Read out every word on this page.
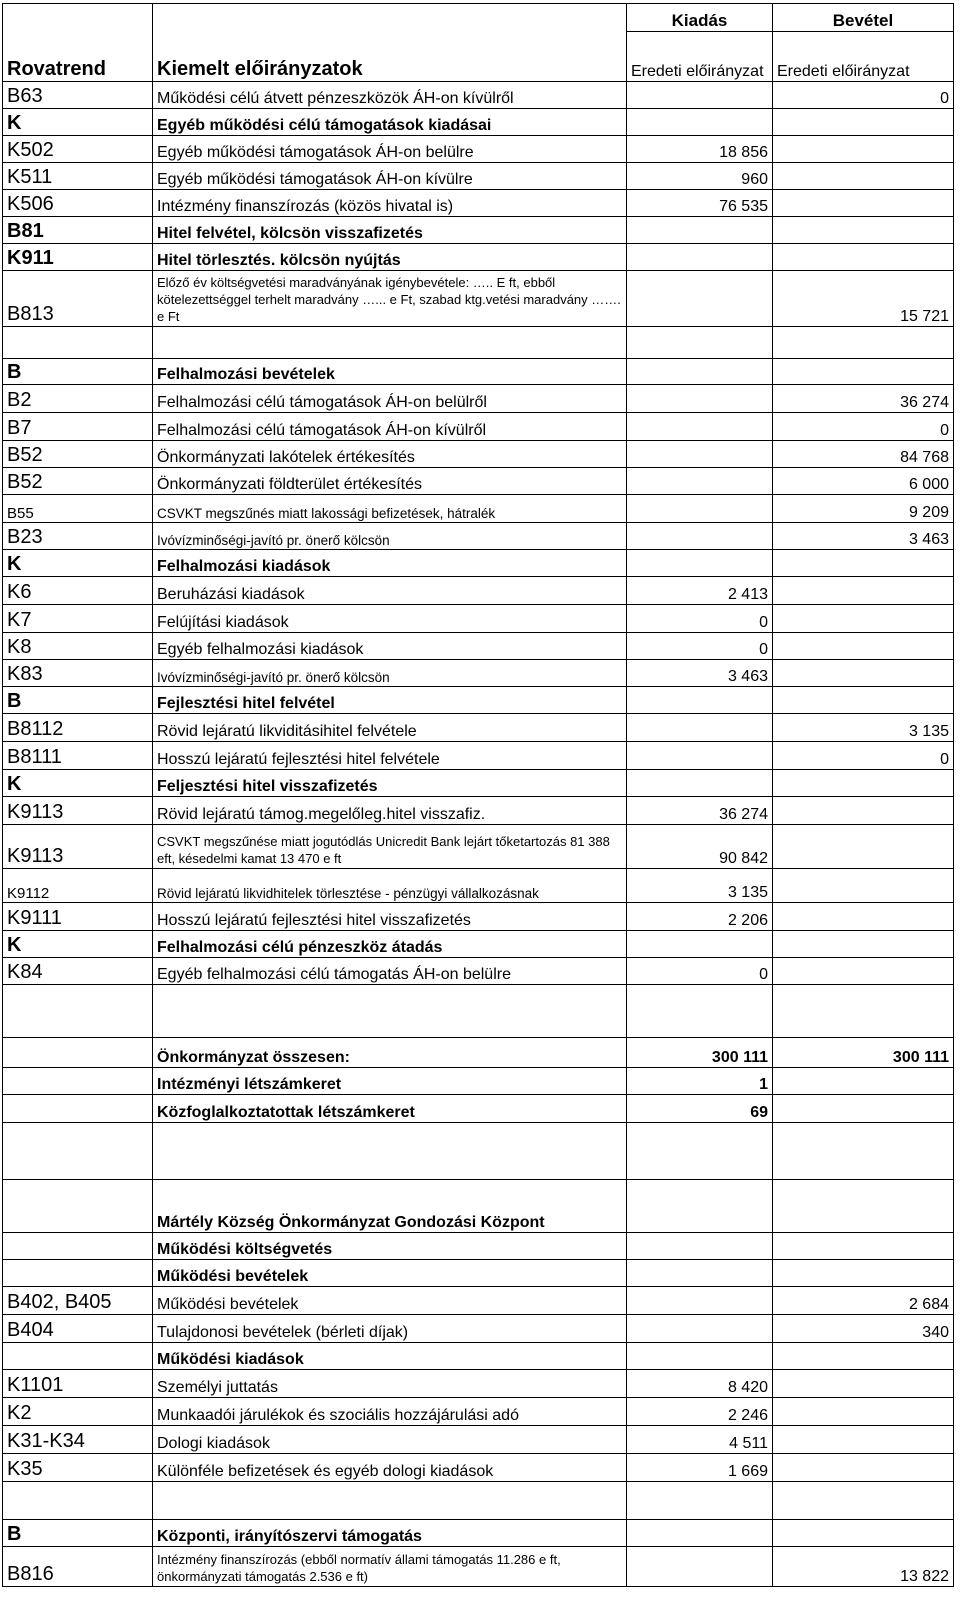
Rovatrend	Kiemelt előirányzatok	Kiadás	Bevétel
		Eredeti előirányzat	Eredeti előirányzat
B63	Működési célú átvett pénzeszközök ÁH-on kívülről		0
K	Egyéb működési célú támogatások kiadásai		
K502	Egyéb működési támogatások ÁH-on belülre	18 856	
K511	Egyéb működési támogatások ÁH-on kívülre	960	
K506	Intézmény finanszírozás (közös hivatal is)	76 535	
B81	Hitel felvétel, kölcsön visszafizetés		
K911	Hitel törlesztés. kölcsön nyújtás		
B813	Előző év költségvetési maradványának igénybevétele: ….. E ft, ebből kötelezettséggel terhelt maradvány …... e Ft, szabad ktg.vetési maradvány ……. e Ft		15 721

B	Felhalmozási bevételek		
B2	Felhalmozási célú támogatások ÁH-on belülről		36 274
B7	Felhalmozási célú támogatások ÁH-on kívülről		0
B52	Önkormányzati lakótelek értékesítés		84 768
B52	Önkormányzati földterület értékesítés		6 000
B55	CSVKT megszűnés miatt lakossági befizetések, hátralék		9 209
B23	Ivóvízminőségi-javító pr. önerő kölcsön		3 463
K	Felhalmozási kiadások		
K6	Beruházási kiadások	2 413	
K7	Felújítási kiadások	0	
K8	Egyéb felhalmozási kiadások	0	
K83	Ivóvízminőségi-javító pr. önerő kölcsön	3 463	
B	Fejlesztési hitel felvétel		
B8112	Rövid lejáratú likviditásihitel felvétele		3 135
B8111	Hosszú lejáratú fejlesztési hitel felvétele		0
K	Feljesztési hitel visszafizetés		
K9113	Rövid lejáratú támog.megelőleg.hitel visszafiz.	36 274	
K9113	CSVKT megszűnése miatt jogutódlás Unicredit Bank lejárt tőketartozás 81 388 eft, késedelmi kamat 13 470 e ft	90 842	
K9112	Rövid lejáratú likvidhitelek törlesztése - pénzügyi vállalkozásnak	3 135	
K9111	Hosszú lejáratú fejlesztési hitel visszafizetés	2 206	
K	Felhalmozási célú pénzeszköz átadás		
K84	Egyéb felhalmozási célú támogatás ÁH-on belülre	0	

	Önkormányzat összesen:	300 111	300 111
	Intézményi létszámkeret	1	
	Közfoglalkoztatottak létszámkeret	69	

	Mártély Község Önkormányzat Gondozási Központ		
	Működési költségvetés		
	Működési bevételek		
B402, B405	Működési bevételek		2 684
B404	Tulajdonosi bevételek (bérleti díjak)		340
	Működési kiadások		
K1101	Személyi juttatás	8 420	
K2	Munkaadói járulékok és szociális hozzájárulási adó	2 246	
K31-K34	Dologi kiadások	4 511	
K35	Különféle befizetések és egyéb dologi kiadások	1 669	

B	Központi, irányítószervi támogatás		
B816	Intézmény finanszírozás (ebből normatív állami támogatás 11.286 e ft, önkormányzati támogatás 2.536 e ft)		13 822
